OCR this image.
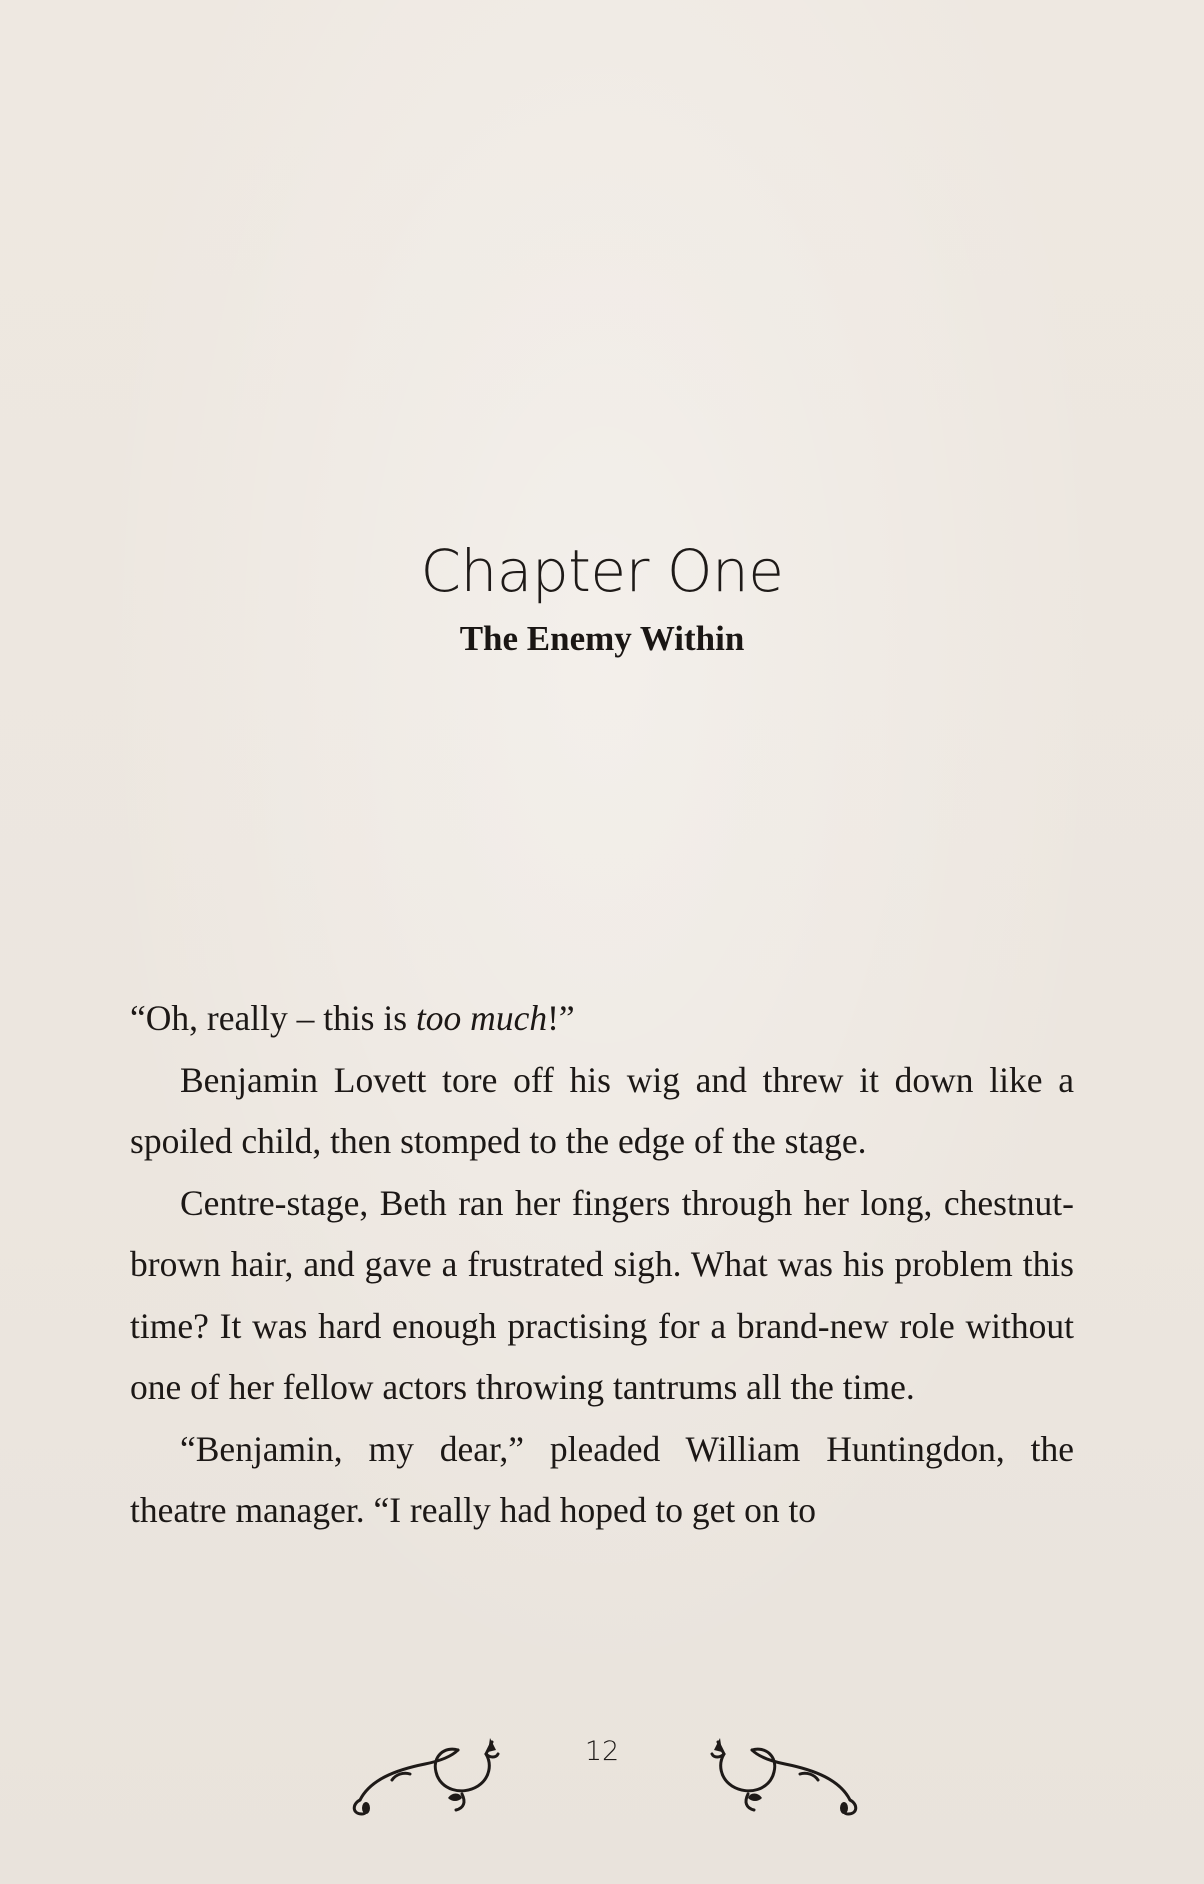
Chapter One
The Enemy Within

“Oh, really – this is too much!”

Benjamin Lovett tore off his wig and threw it down like a spoiled child, then stomped to the edge of the stage.

Centre-stage, Beth ran her fingers through her long, chestnut-brown hair, and gave a frustrated sigh. What was his problem this time? It was hard enough practising for a brand-new role without one of her fellow actors throwing tantrums all the time.

“Benjamin, my dear,” pleaded William Huntingdon, the theatre manager. “I really had hoped to get on to

12
